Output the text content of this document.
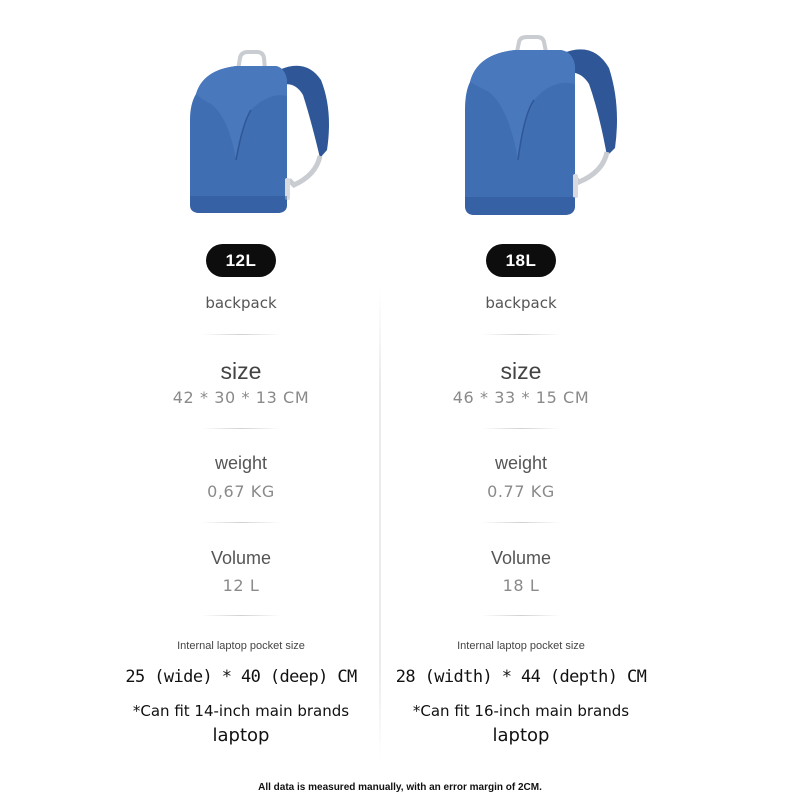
12L
backpack
size
42 * 30 * 13 CM
weight
0,67 KG
Volume
12 L
Internal laptop pocket size
25 (wide) * 40 (deep) CM
*Can fit 14-inch main brands
laptop
18L
backpack
size
46 * 33 * 15 CM
weight
0.77 KG
Volume
18 L
Internal laptop pocket size
28 (width) * 44 (depth) CM
*Can fit 16-inch main brands
laptop
All data is measured manually, with an error margin of 2CM.
